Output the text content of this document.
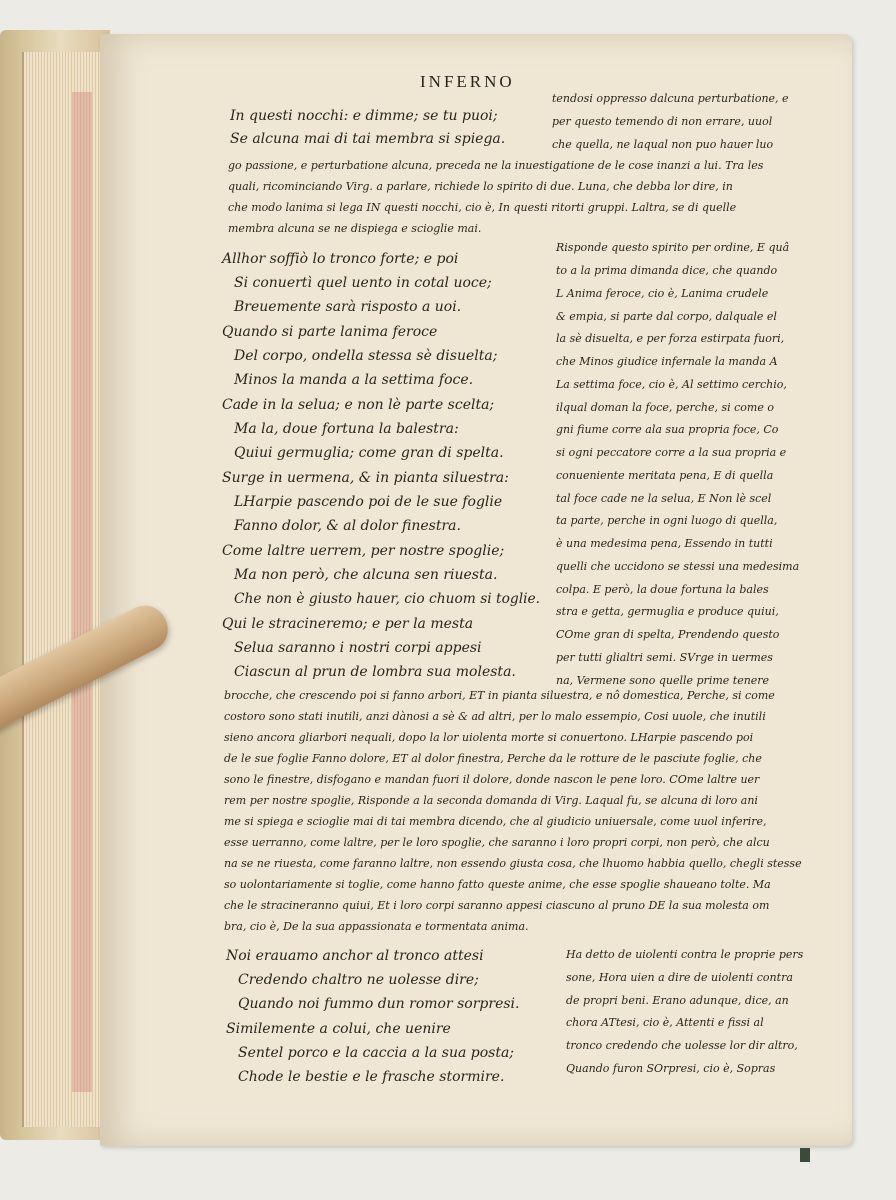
INFERNO
In questi nocchi: e dimme; se tu puoi;
Se alcuna mai di tai membra si spiega.
tendosi oppresso dalcuna perturbatione, e
per questo temendo di non errare, uuol
che quella, ne laqual non puo hauer luo
go passione, e perturbatione alcuna, preceda ne la inuestigatione de le cose inanzi a lui. Tra les
quali, ricominciando Virg. a parlare, richiede lo spirito di due. Luna, che debba lor dire, in
che modo lanima si lega IN questi nocchi, cio è, In questi ritorti gruppi. Laltra, se di quelle
membra alcuna se ne dispiega e scioglie mai.
Allhor soffiò lo tronco forte; e poi
Si conuertì quel uento in cotal uoce;
Breuemente sarà risposto a uoi.
Quando si parte lanima feroce
Del corpo, ondella stessa sè disuelta;
Minos la manda a la settima foce.
Cade in la selua; e non lè parte scelta;
Ma la, doue fortuna la balestra:
Quiui germuglia; come gran di spelta.
Surge in uermena, & in pianta siluestra:
LHarpie pascendo poi de le sue foglie
Fanno dolor, & al dolor finestra.
Come laltre uerrem, per nostre spoglie;
Ma non però, che alcuna sen riuesta.
Che non è giusto hauer, cio chuom si toglie.
Qui le stracineremo; e per la mesta
Selua saranno i nostri corpi appesi
Ciascun al prun de lombra sua molesta.
Risponde questo spirito per ordine, E quâ
to a la prima dimanda dice, che quando
L Anima feroce, cio è, Lanima crudele
& empia, si parte dal corpo, dalquale el
la sè disuelta, e per forza estirpata fuori,
che Minos giudice infernale la manda A
La settima foce, cio è, Al settimo cerchio,
ilqual doman la foce, perche, si come o
gni fiume corre ala sua propria foce, Co
si ogni peccatore corre a la sua propria e
conueniente meritata pena, E di quella
tal foce cade ne la selua, E Non lè scel
ta parte, perche in ogni luogo di quella,
è una medesima pena, Essendo in tutti
quelli che uccidono se stessi una medesima
colpa. E però, la doue fortuna la bales
stra e getta, germuglia e produce quiui,
COme gran di spelta, Prendendo questo
per tutti glialtri semi. SVrge in uermes
na, Vermene sono quelle prime tenere
brocche, che crescendo poi si fanno arbori, ET in pianta siluestra, e nô domestica, Perche, si come
costoro sono stati inutili, anzi dànosi a sè & ad altri, per lo malo essempio, Cosi uuole, che inutili
sieno ancora gliarbori nequali, dopo la lor uiolenta morte si conuertono. LHarpie pascendo poi
de le sue foglie Fanno dolore, ET al dolor finestra, Perche da le rotture de le pasciute foglie, che
sono le finestre, disfogano e mandan fuori il dolore, donde nascon le pene loro. COme laltre uer
rem per nostre spoglie, Risponde a la seconda domanda di Virg. Laqual fu, se alcuna di loro ani
me si spiega e scioglie mai di tai membra dicendo, che al giudicio uniuersale, come uuol inferire,
esse uerranno, come laltre, per le loro spoglie, che saranno i loro propri corpi, non però, che alcu
na se ne riuesta, come faranno laltre, non essendo giusta cosa, che lhuomo habbia quello, chegli stesse
so uolontariamente si toglie, come hanno fatto queste anime, che esse spoglie shaueano tolte. Ma
che le stracineranno quiui, Et i loro corpi saranno appesi ciascuno al pruno DE la sua molesta om
bra, cio è, De la sua appassionata e tormentata anima.
Noi erauamo anchor al tronco attesi
Credendo chaltro ne uolesse dire;
Quando noi fummo dun romor sorpresi.
Similemente a colui, che uenire
Sentel porco e la caccia a la sua posta;
Chode le bestie e le frasche stormire.
Ha detto de uiolenti contra le proprie pers
sone, Hora uien a dire de uiolenti contra
de propri beni. Erano adunque, dice, an
chora ATtesi, cio è, Attenti e fissi al
tronco credendo che uolesse lor dir altro,
Quando furon SOrpresi, cio è, Sopras
